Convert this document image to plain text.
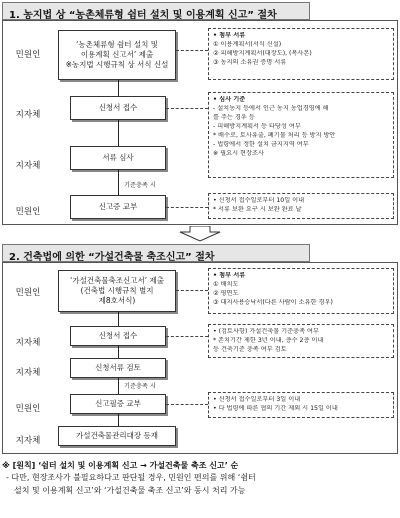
1. 농지법 상 “농촌체류형 쉼터 설치 및 이용계획 신고” 절차
민원인
지자체
지자체
민원인
‘농촌체류형 쉼터 설치 및
이용계획 신고서’ 제출
※농지법 시행규칙 상 서식 신설
신청서 접수
서류 심사
신고증 교부
기준충족 시
• 첨부 서류
① 이용계획서(서식 신설)
② 피해방지계획서(대장도), (복사본)
③ 농지의 소유권 증명 서류
• 심사 기준
- 설치농지 등에서 인근 농지 농업경영에 해
를 주는 경우 등
- 피해방지계획서 등 타당성 여부
* 배수로, 토사유출, 폐기물 처리 등 방지 방안
- 법령에서 정한 설치 금지지역 여부
※ 필요시 현장조사
• 신청서 접수일로부터 10일 이내
* 서류 보완 요구 시 보완 완료 날
2. 건축법에 의한 “가설건축물 축조신고” 절차
민원인
지자체
지자체
민원인
지자체
‘가설건축물축조신고서’ 제출
(건축법 시행규칙 별지
제8호서식)
신청서 접수
신청서류 검토
신고필증 교부
가설건축물관리대장 등재
기준충족 시
• 첨부 서류
① 배치도
② 평면도
③ 대지사용승낙서(다른 사람이 소유한 경우)
• (검토사항) 가설건축물 기준충족 여부
* 존치기간 제한 3년 이내, 층수 2층 이내
등 건축기준 충족 여부 검토
• 신청서 접수일로부터 3일 이내
• 다 법령에 따른 협의 기간 제외 시 15일 이내
※ [원칙] ‘쉼터 설치 및 이용계획 신고 → 가설건축물 축조 신고’ 순
- 다만, 현장조사가 불필요하다고 판단될 경우, 민원인 편의를 위해 ‘쉼터
설치 및 이용계획 신고’와 ‘가설건축물 축조 신고’와 동시 처리 가능
